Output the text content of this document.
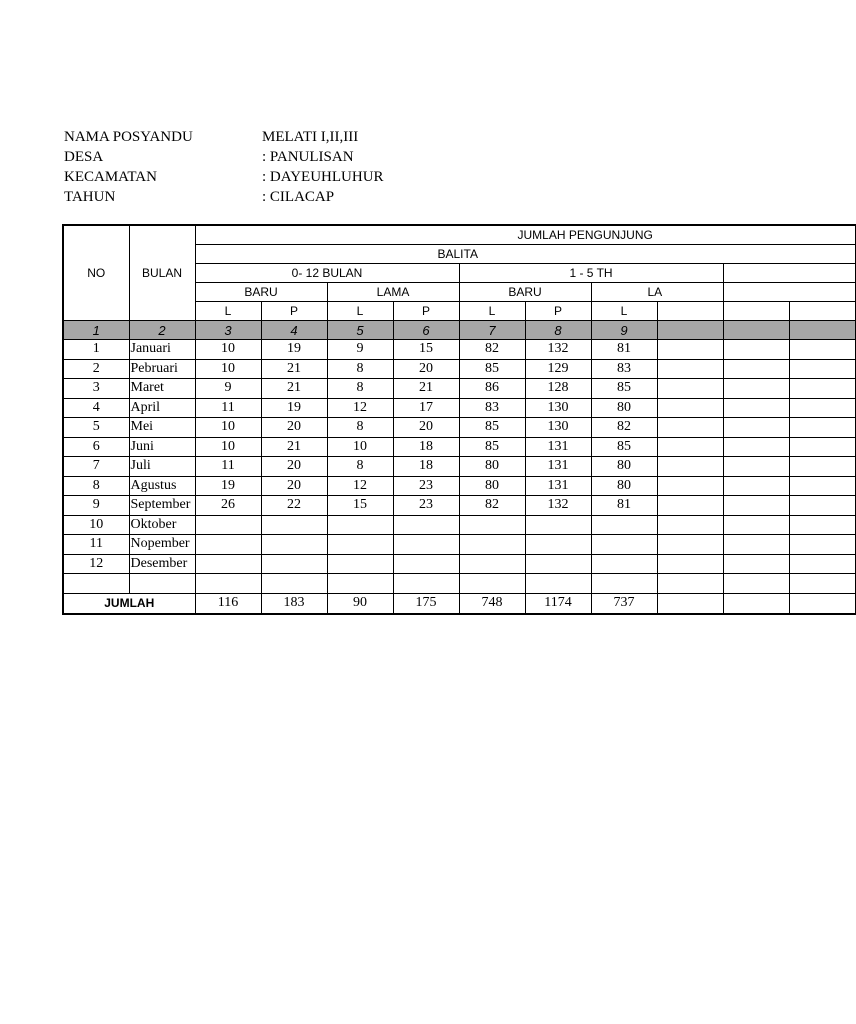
NAMA POSYANDU	MELATI I,II,III
DESA	: PANULISAN
KECAMATAN	: DAYEUHLUHUR
TAHUN	: CILACAP
NO	BULAN	JUMLAH PENGUNJUNG									
		BALITA									
		0- 12 BULAN				1 - 5 TH					
		BARU		LAMA		BARU		LA			
		L	P	L	P	L	P	L			
1	2	3	4	5	6	7	8	9			
1	Januari	10	19	9	15	82	132	81			
2	Pebruari	10	21	8	20	85	129	83			
3	Maret	9	21	8	21	86	128	85			
4	April	11	19	12	17	83	130	80			
5	Mei	10	20	8	20	85	130	82			
6	Juni	10	21	10	18	85	131	85			
7	Juli	11	20	8	18	80	131	80			
8	Agustus	19	20	12	23	80	131	80			
9	September	26	22	15	23	82	132	81			
10	Oktober										
11	Nopember										
12	Desember										

JUMLAH		116	183	90	175	748	1174	737			
